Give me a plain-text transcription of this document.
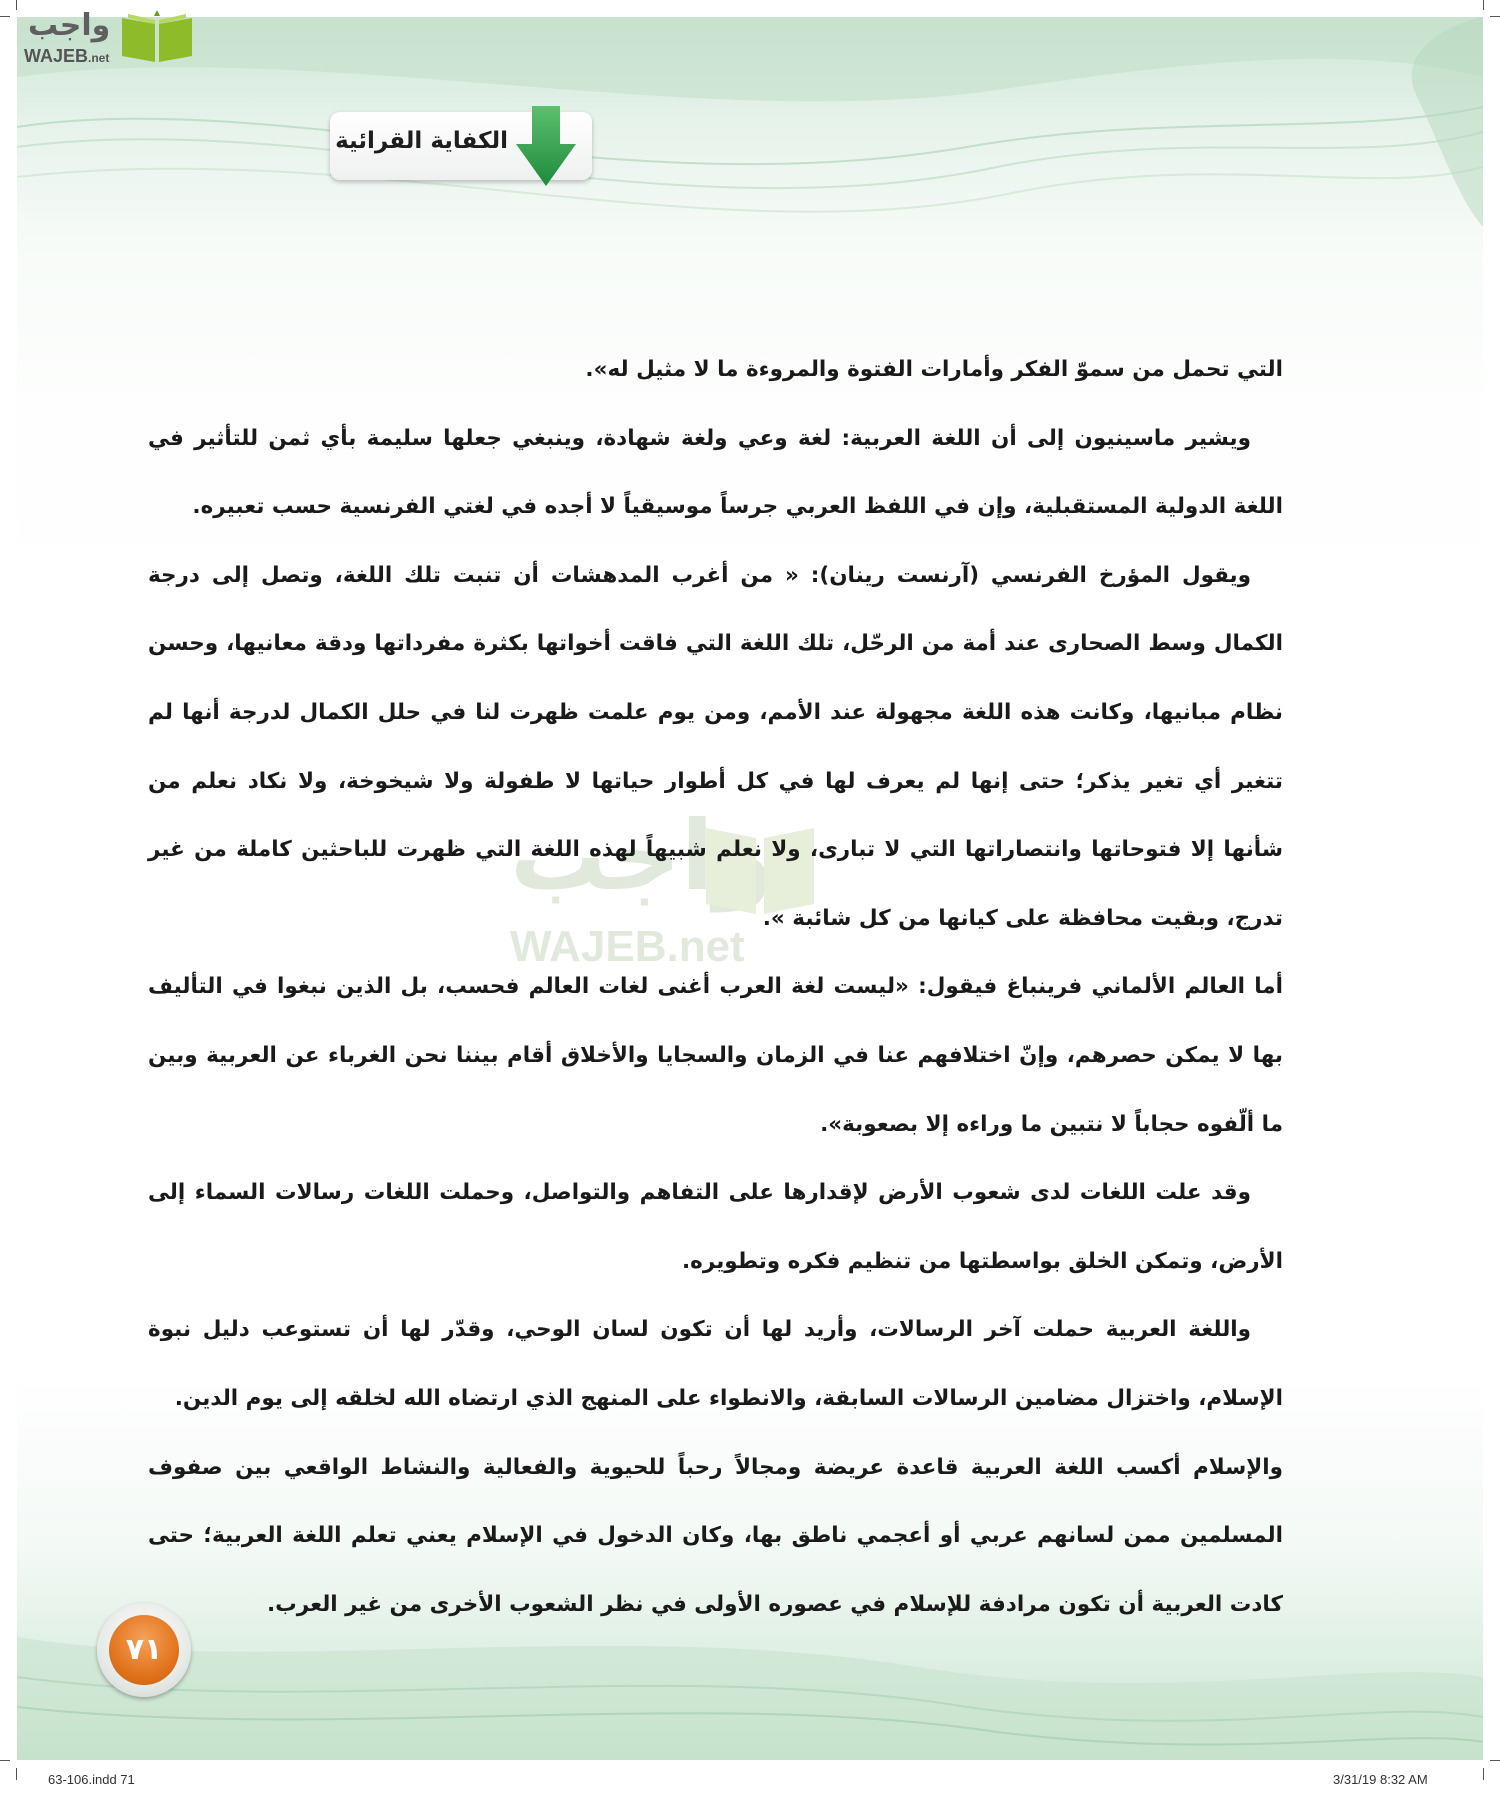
واجب
WAJEB.net
الكفاية القرائية

التي تحمل من سموّ الفكر وأمارات الفتوة والمروءة ما لا مثيل له».

ويشير ماسينيون إلى أن اللغة العربية: لغة وعي ولغة شهادة، وينبغي جعلها سليمة بأي ثمن للتأثير في اللغة الدولية المستقبلية، وإن في اللفظ العربي جرساً موسيقياً لا أجده في لغتي الفرنسية حسب تعبيره.

ويقول المؤرخ الفرنسي (آرنست رينان): « من أغرب المدهشات أن تنبت تلك اللغة، وتصل إلى درجة الكمال وسط الصحارى عند أمة من الرحّل، تلك اللغة التي فاقت أخواتها بكثرة مفرداتها ودقة معانيها، وحسن نظام مبانيها، وكانت هذه اللغة مجهولة عند الأمم، ومن يوم علمت ظهرت لنا في حلل الكمال لدرجة أنها لم تتغير أي تغير يذكر؛ حتى إنها لم يعرف لها في كل أطوار حياتها لا طفولة ولا شيخوخة، ولا نكاد نعلم من شأنها إلا فتوحاتها وانتصاراتها التي لا تبارى، ولا نعلم شبيهاً لهذه اللغة التي ظهرت للباحثين كاملة من غير تدرج، وبقيت محافظة على كيانها من كل شائبة ».

أما العالم الألماني فرينباغ فيقول: «ليست لغة العرب أغنى لغات العالم فحسب، بل الذين نبغوا في التأليف بها لا يمكن حصرهم، وإنّ اختلافهم عنا في الزمان والسجايا والأخلاق أقام بيننا نحن الغرباء عن العربية وبين ما ألّفوه حجاباً لا نتبين ما وراءه إلا بصعوبة».

وقد علت اللغات لدى شعوب الأرض لإقدارها على التفاهم والتواصل، وحملت اللغات رسالات السماء إلى الأرض، وتمكن الخلق بواسطتها من تنظيم فكره وتطويره.

واللغة العربية حملت آخر الرسالات، وأريد لها أن تكون لسان الوحي، وقدّر لها أن تستوعب دليل نبوة الإسلام، واختزال مضامين الرسالات السابقة، والانطواء على المنهج الذي ارتضاه الله لخلقه إلى يوم الدين.

والإسلام أكسب اللغة العربية قاعدة عريضة ومجالاً رحباً للحيوية والفعالية والنشاط الواقعي بين صفوف المسلمين ممن لسانهم عربي أو أعجمي ناطق بها، وكان الدخول في الإسلام يعني تعلم اللغة العربية؛ حتى كادت العربية أن تكون مرادفة للإسلام في عصوره الأولى في نظر الشعوب الأخرى من غير العرب.

٧١
63-106.indd 71	3/31/19 8:32 AM
